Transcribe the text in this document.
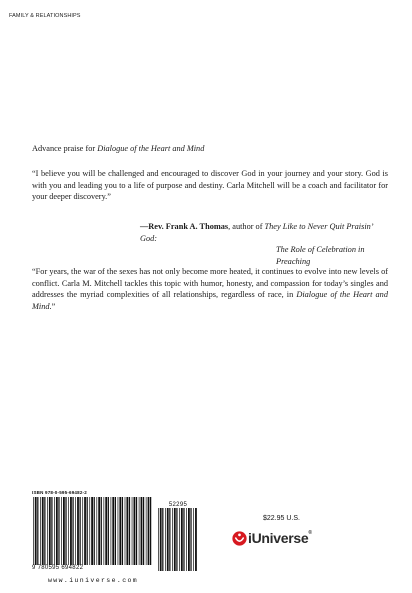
FAMILY & RELATIONSHIPS
Advance praise for Dialogue of the Heart and Mind
“I believe you will be challenged and encouraged to discover God in your journey and your story. God is with you and leading you to a life of purpose and destiny. Carla Mitchell will be a coach and facilitator for your deeper discovery.”
—Rev. Frank A. Thomas, author of They Like to Never Quit Praisin’ God:
The Role of Celebration in Preaching
“For years, the war of the sexes has not only become more heated, it continues to evolve into new levels of conflict. Carla M. Mitchell tackles this topic with humor, honesty, and compassion for today’s singles and addresses the myriad complexities of all relationships, regardless of race, in Dialogue of the Heart and Mind.”
ISBN 978-0-595-69482-2
9 780595 694822
52295
www.iuniverse.com
$22.95 U.S.
iUniverse®
